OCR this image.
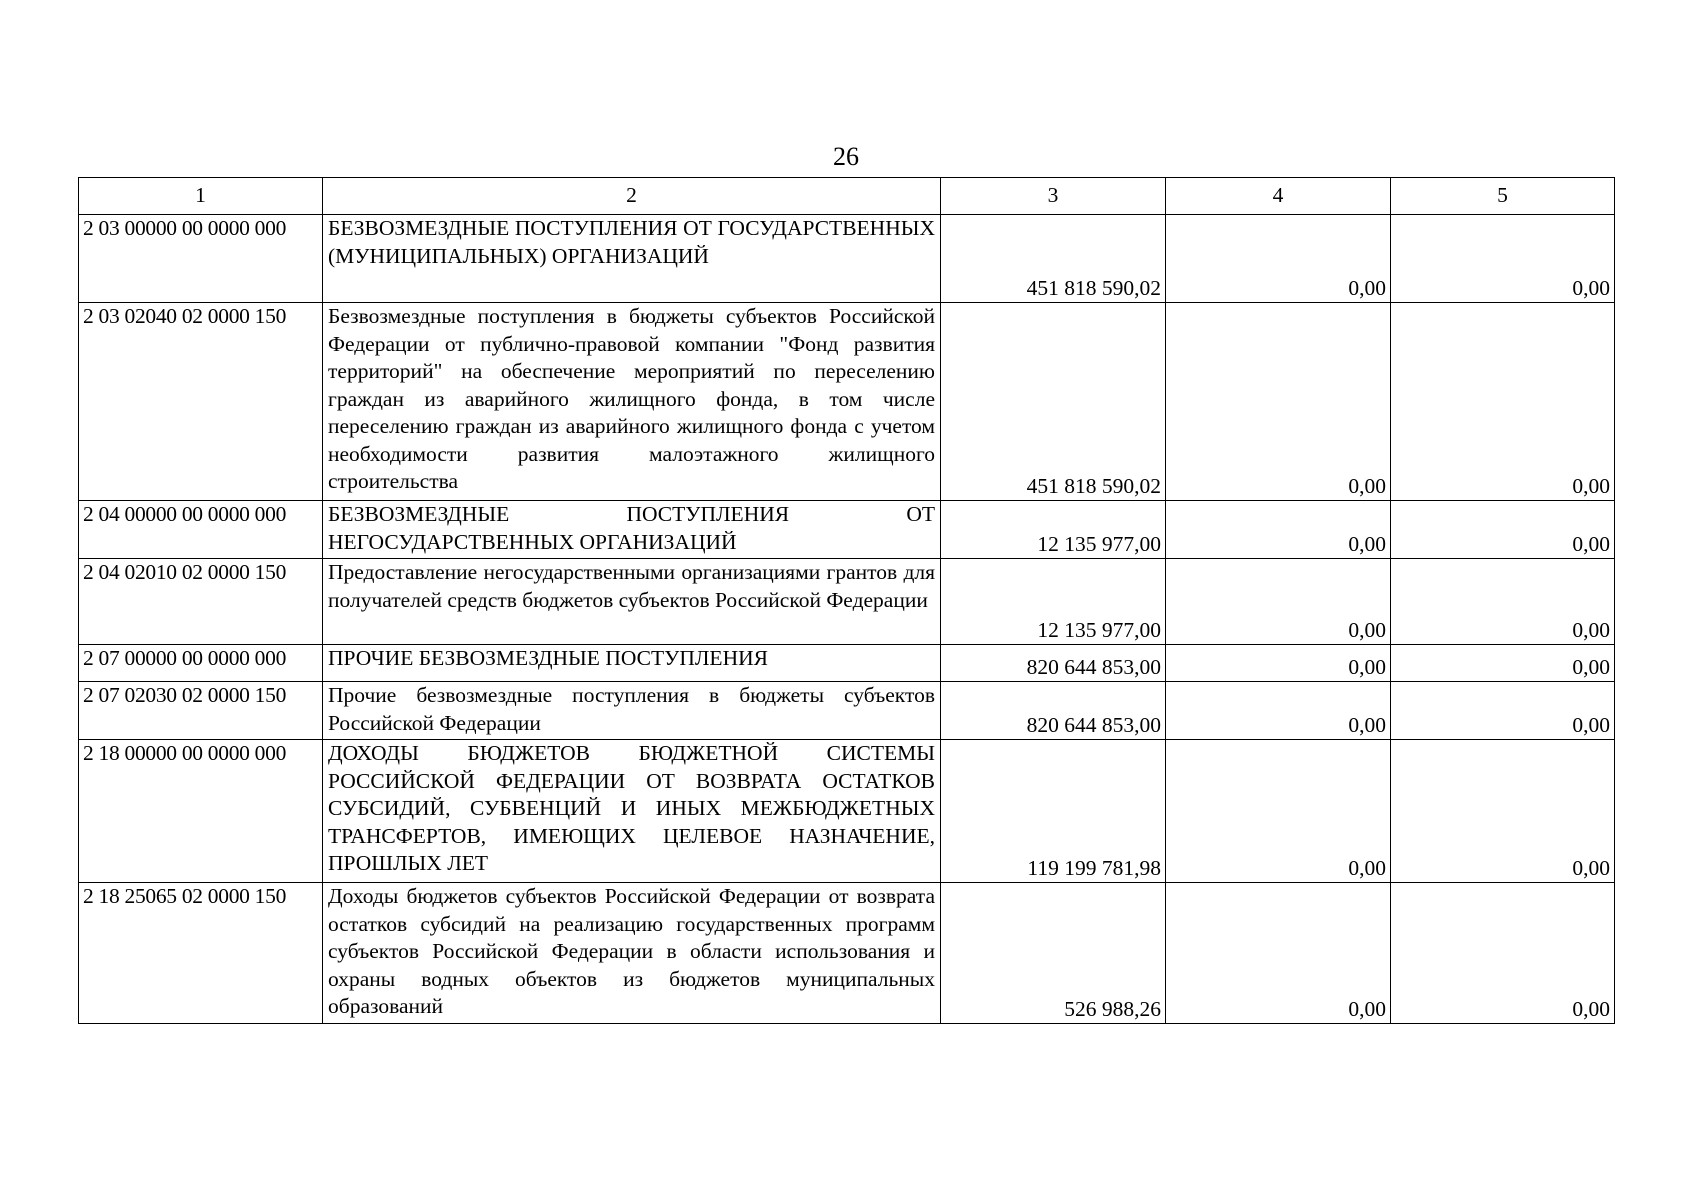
26
1	2	3	4	5
2 03 00000 00 0000 000	БЕЗВОЗМЕЗДНЫЕ ПОСТУПЛЕНИЯ ОТ ГОСУДАРСТВЕННЫХ (МУНИЦИПАЛЬНЫХ) ОРГАНИЗАЦИЙ	451 818 590,02	0,00	0,00
2 03 02040 02 0000 150	Безвозмездные поступления в бюджеты субъектов Российской Федерации от публично-правовой компании "Фонд развития территорий" на обеспечение мероприятий по переселению граждан из аварийного жилищного фонда, в том числе переселению граждан из аварийного жилищного фонда с учетом необходимости развития малоэтажного жилищного строительства	451 818 590,02	0,00	0,00
2 04 00000 00 0000 000	БЕЗВОЗМЕЗДНЫЕ ПОСТУПЛЕНИЯ ОТ НЕГОСУДАРСТВЕННЫХ ОРГАНИЗАЦИЙ	12 135 977,00	0,00	0,00
2 04 02010 02 0000 150	Предоставление негосударственными организациями грантов для получателей средств бюджетов субъектов Российской Федерации	12 135 977,00	0,00	0,00
2 07 00000 00 0000 000	ПРОЧИЕ БЕЗВОЗМЕЗДНЫЕ ПОСТУПЛЕНИЯ	820 644 853,00	0,00	0,00
2 07 02030 02 0000 150	Прочие безвозмездные поступления в бюджеты субъектов Российской Федерации	820 644 853,00	0,00	0,00
2 18 00000 00 0000 000	ДОХОДЫ БЮДЖЕТОВ БЮДЖЕТНОЙ СИСТЕМЫ РОССИЙСКОЙ ФЕДЕРАЦИИ ОТ ВОЗВРАТА ОСТАТКОВ СУБСИДИЙ, СУБВЕНЦИЙ И ИНЫХ МЕЖБЮДЖЕТНЫХ ТРАНСФЕРТОВ, ИМЕЮЩИХ ЦЕЛЕВОЕ НАЗНАЧЕНИЕ, ПРОШЛЫХ ЛЕТ	119 199 781,98	0,00	0,00
2 18 25065 02 0000 150	Доходы бюджетов субъектов Российской Федерации от возврата остатков субсидий на реализацию государственных программ субъектов Российской Федерации в области использования и охраны водных объектов из бюджетов муниципальных образований	526 988,26	0,00	0,00
